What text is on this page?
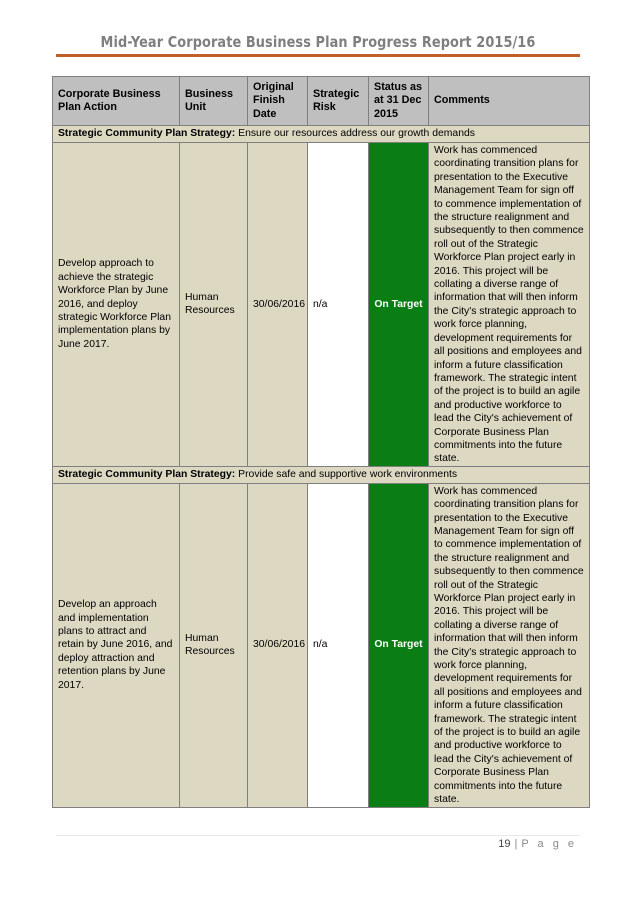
Mid-Year Corporate Business Plan Progress Report 2015/16
Corporate Business Plan Action	Business Unit	Original Finish Date	Strategic Risk	Status as at 31 Dec 2015	Comments
Strategic Community Plan Strategy: Ensure our resources address our growth demands					
Develop approach to achieve the strategic Workforce Plan by June 2016, and deploy strategic Workforce Plan implementation plans by June 2017.	Human Resources	30/06/2016	n/a	On Target	Work has commenced coordinating transition plans for presentation to the Executive Management Team for sign off to commence implementation of the structure realignment and subsequently to then commence roll out of the Strategic Workforce Plan project early in 2016. This project will be collating a diverse range of information that will then inform the City's strategic approach to work force planning, development requirements for all positions and employees and inform a future classification framework. The strategic intent of the project is to build an agile and productive workforce to lead the City's achievement of Corporate Business Plan commitments into the future state.
Strategic Community Plan Strategy: Provide safe and supportive work environments					
Develop an approach and implementation plans to attract and retain by June 2016, and deploy attraction and retention plans by June 2017.	Human Resources	30/06/2016	n/a	On Target	Work has commenced coordinating transition plans for presentation to the Executive Management Team for sign off to commence implementation of the structure realignment and subsequently to then commence roll out of the Strategic Workforce Plan project early in 2016. This project will be collating a diverse range of information that will then inform the City's strategic approach to work force planning, development requirements for all positions and employees and inform a future classification framework. The strategic intent of the project is to build an agile and productive workforce to lead the City's achievement of Corporate Business Plan commitments into the future state.
19 | P a g e
